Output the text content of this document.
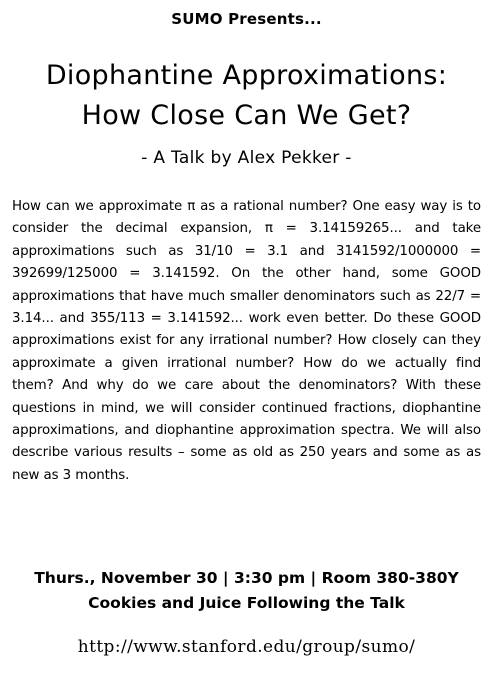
SUMO Presents...
Diophantine Approximations:
How Close Can We Get?
- A Talk by Alex Pekker -
How can we approximate π as a rational number? One easy way is to consider the decimal expansion, π = 3.14159265... and take approximations such as 31/10 = 3.1 and 3141592/1000000 = 392699/125000 = 3.141592. On the other hand, some GOOD approximations that have much smaller denominators such as 22/7 = 3.14... and 355/113 = 3.141592... work even better. Do these GOOD approximations exist for any irrational number? How closely can they approximate a given irrational number? How do we actually find them? And why do we care about the denominators? With these questions in mind, we will consider continued fractions, diophantine approximations, and diophantine approximation spectra. We will also describe various results – some as old as 250 years and some as as new as 3 months.
Thurs., November 30 | 3:30 pm | Room 380-380Y
Cookies and Juice Following the Talk
http://www.stanford.edu/group/sumo/
